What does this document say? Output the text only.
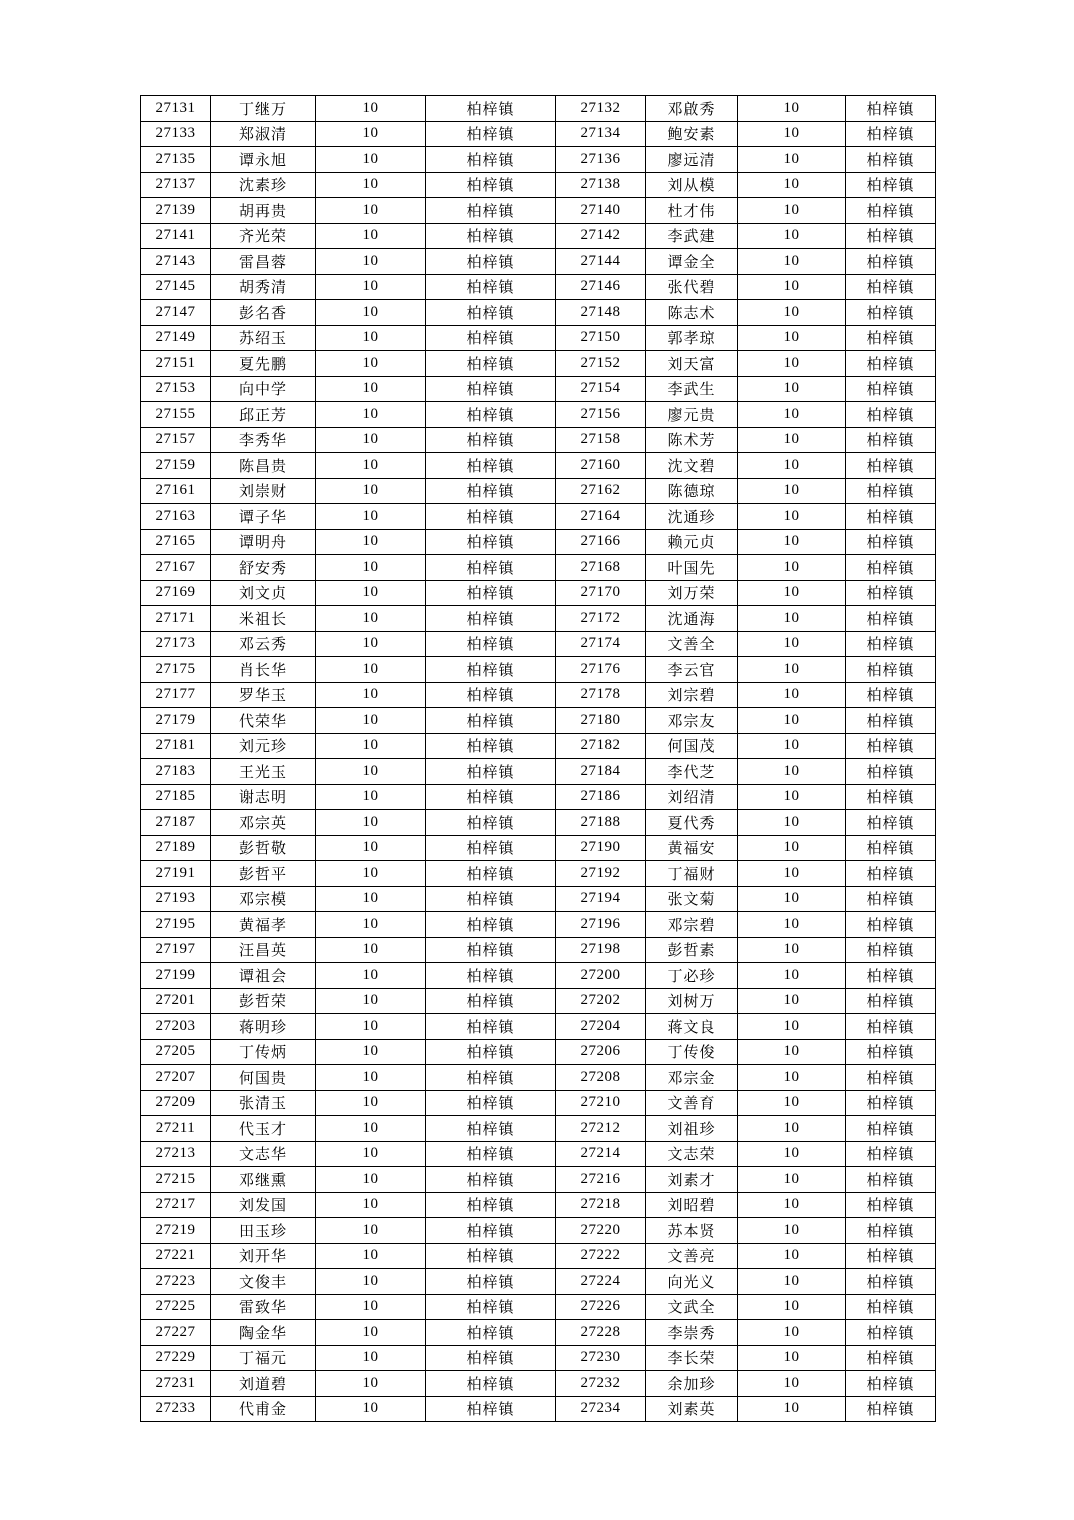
27131	丁继万	10	柏梓镇	27132	邓啟秀	10	柏梓镇
27133	郑淑清	10	柏梓镇	27134	鲍安素	10	柏梓镇
27135	谭永旭	10	柏梓镇	27136	廖远清	10	柏梓镇
27137	沈素珍	10	柏梓镇	27138	刘从模	10	柏梓镇
27139	胡再贵	10	柏梓镇	27140	杜才伟	10	柏梓镇
27141	齐光荣	10	柏梓镇	27142	李武建	10	柏梓镇
27143	雷昌蓉	10	柏梓镇	27144	谭金全	10	柏梓镇
27145	胡秀清	10	柏梓镇	27146	张代碧	10	柏梓镇
27147	彭名香	10	柏梓镇	27148	陈志术	10	柏梓镇
27149	苏绍玉	10	柏梓镇	27150	郭孝琼	10	柏梓镇
27151	夏先鹏	10	柏梓镇	27152	刘天富	10	柏梓镇
27153	向中学	10	柏梓镇	27154	李武生	10	柏梓镇
27155	邱正芳	10	柏梓镇	27156	廖元贵	10	柏梓镇
27157	李秀华	10	柏梓镇	27158	陈术芳	10	柏梓镇
27159	陈昌贵	10	柏梓镇	27160	沈文碧	10	柏梓镇
27161	刘崇财	10	柏梓镇	27162	陈德琼	10	柏梓镇
27163	谭子华	10	柏梓镇	27164	沈通珍	10	柏梓镇
27165	谭明舟	10	柏梓镇	27166	赖元贞	10	柏梓镇
27167	舒安秀	10	柏梓镇	27168	叶国先	10	柏梓镇
27169	刘文贞	10	柏梓镇	27170	刘万荣	10	柏梓镇
27171	米祖长	10	柏梓镇	27172	沈通海	10	柏梓镇
27173	邓云秀	10	柏梓镇	27174	文善全	10	柏梓镇
27175	肖长华	10	柏梓镇	27176	李云官	10	柏梓镇
27177	罗华玉	10	柏梓镇	27178	刘宗碧	10	柏梓镇
27179	代荣华	10	柏梓镇	27180	邓宗友	10	柏梓镇
27181	刘元珍	10	柏梓镇	27182	何国茂	10	柏梓镇
27183	王光玉	10	柏梓镇	27184	李代芝	10	柏梓镇
27185	谢志明	10	柏梓镇	27186	刘绍清	10	柏梓镇
27187	邓宗英	10	柏梓镇	27188	夏代秀	10	柏梓镇
27189	彭哲敬	10	柏梓镇	27190	黄福安	10	柏梓镇
27191	彭哲平	10	柏梓镇	27192	丁福财	10	柏梓镇
27193	邓宗模	10	柏梓镇	27194	张文菊	10	柏梓镇
27195	黄福孝	10	柏梓镇	27196	邓宗碧	10	柏梓镇
27197	汪昌英	10	柏梓镇	27198	彭哲素	10	柏梓镇
27199	谭祖会	10	柏梓镇	27200	丁必珍	10	柏梓镇
27201	彭哲荣	10	柏梓镇	27202	刘树万	10	柏梓镇
27203	蒋明珍	10	柏梓镇	27204	蒋文良	10	柏梓镇
27205	丁传炳	10	柏梓镇	27206	丁传俊	10	柏梓镇
27207	何国贵	10	柏梓镇	27208	邓宗金	10	柏梓镇
27209	张清玉	10	柏梓镇	27210	文善育	10	柏梓镇
27211	代玉才	10	柏梓镇	27212	刘祖珍	10	柏梓镇
27213	文志华	10	柏梓镇	27214	文志荣	10	柏梓镇
27215	邓继熏	10	柏梓镇	27216	刘素才	10	柏梓镇
27217	刘发国	10	柏梓镇	27218	刘昭碧	10	柏梓镇
27219	田玉珍	10	柏梓镇	27220	苏本贤	10	柏梓镇
27221	刘开华	10	柏梓镇	27222	文善亮	10	柏梓镇
27223	文俊丰	10	柏梓镇	27224	向光义	10	柏梓镇
27225	雷致华	10	柏梓镇	27226	文武全	10	柏梓镇
27227	陶金华	10	柏梓镇	27228	李崇秀	10	柏梓镇
27229	丁福元	10	柏梓镇	27230	李长荣	10	柏梓镇
27231	刘道碧	10	柏梓镇	27232	余加珍	10	柏梓镇
27233	代甫金	10	柏梓镇	27234	刘素英	10	柏梓镇
